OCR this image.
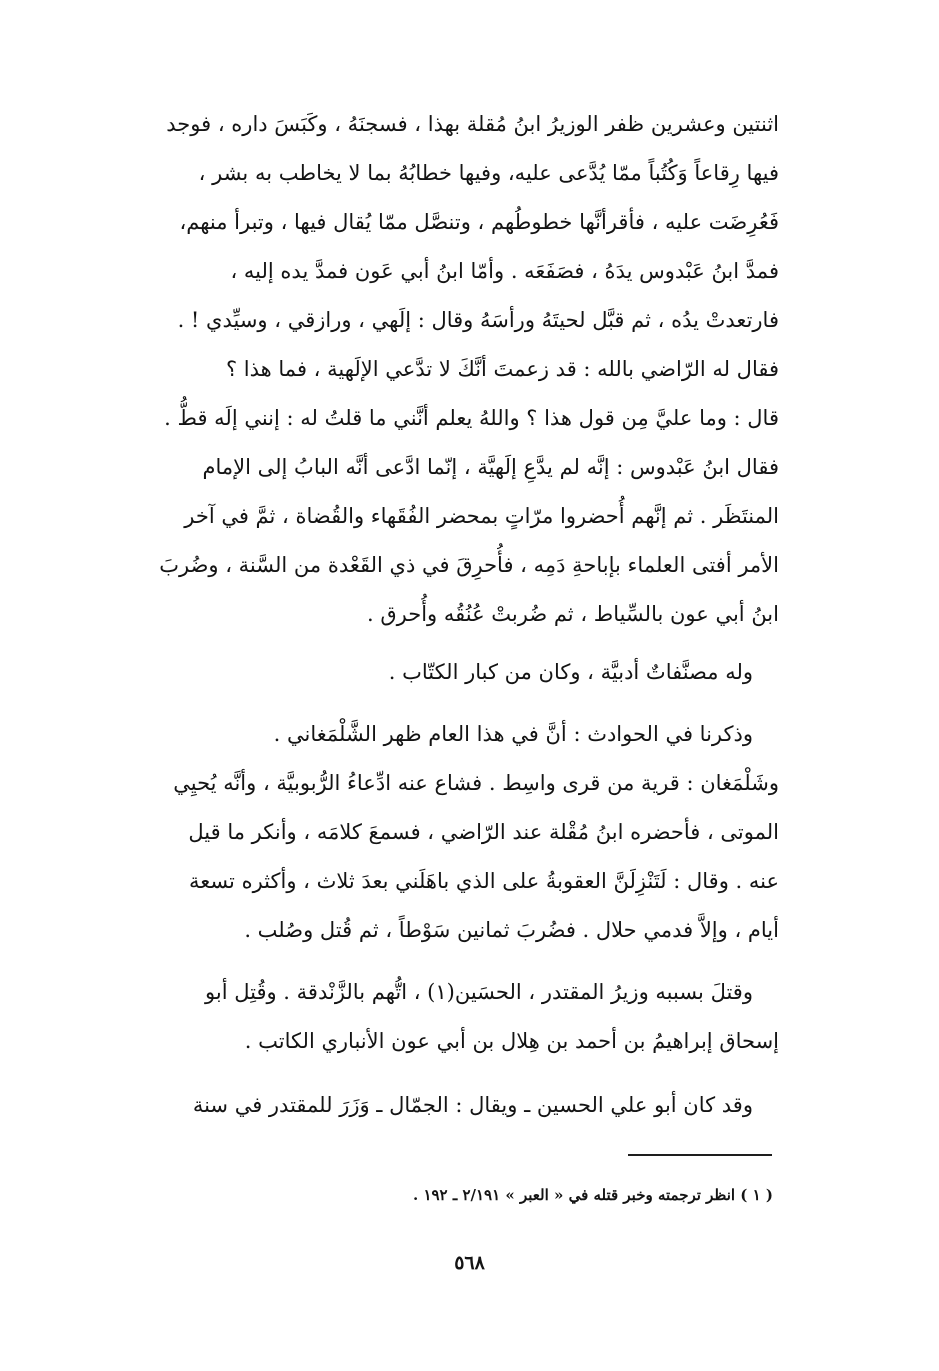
اثنتين وعشرين ظفر الوزيرُ ابنُ مُقلة بهذا ، فسجنَهُ ، وكَبَسَ داره ، فوجد
فيها رِقاعاً وَكُتُباً ممّا يُدَّعى عليه، وفيها خطابُهُ بما لا يخاطب به بشر ،
فَعُرِضَت عليه ، فأقرأنَّها خطوطُهم ، وتنصَّل ممّا يُقال فيها ، وتبرأ منهم،
فمدَّ ابنُ عَبْدوس يدَهُ ، فصَفَعَه . وأمّا ابنُ أبي عَون فمدَّ يده إليه ،
فارتعدتْ يدُه ، ثم قبَّل لحيتَهُ ورأسَهُ وقال : إلَهي ، ورازقي ، وسيِّدي ! .
فقال له الرّاضي بالله : قد زعمتَ أنَّكَ لا تدَّعي الإلَهية ، فما هذا ؟
قال : وما عليَّ مِن قول هذا ؟ واللهُ يعلم أنَّني ما قلتُ له : إنني إلَه قطُّ .
فقال ابنُ عَبْدوس : إنَّه لم يدَّعِ إلَهيَّة ، إنّما ادَّعى أنَّه البابُ إلى الإمام
المنتَظَر . ثم إنَّهم أُحضروا مرّاتٍ بمحضر الفُقَهاء والقُضاة ، ثمَّ في آخر
الأمر أفتى العلماء بإباحةِ دَمِه ، فأُحرِقَ في ذي القَعْدة من السَّنة ، وضُربَ
ابنُ أبي عون بالسِّياط ، ثم ضُربتْ عُنُقُه وأُحرق .
وله مصنَّفاتٌ أدبيَّة ، وكان من كبار الكتّاب .
وذكرنا في الحوادث : أنَّ في هذا العام ظهر الشَّلْمَغاني .
وشَلْمَغان : قرية من قرى واسِط . فشاع عنه ادِّعاءُ الرُّبوبيَّة ، وأنَّه يُحيِي
الموتى ، فأحضره ابنُ مُقْلة عند الرّاضي ، فسمعَ كلامَه ، وأنكر ما قيل
عنه . وقال : لَتَنْزِلَنَّ العقوبةُ على الذي باهَلَني بعدَ ثلاث ، وأكثره تسعة
أيام ، وإلاَّ فدمي حلال . فضُربَ ثمانين سَوْطاً ، ثم قُتل وصُلب .
وقتلَ بسببه وزيرُ المقتدر ، الحسَين(١) ، اتُّهم بالزَّنْدقة . وقُتِل أبو
إسحاق إبراهيمُ بن أحمد بن هِلال بن أبي عون الأنباري الكاتب .
وقد كان أبو علي الحسين ـ ويقال : الجمّال ـ وَزَرَ للمقتدر في سنة
( ١ ) انظر ترجمته وخبر قتله في « العبر » ٢/١٩١ ـ ١٩٢ .
٥٦٨
